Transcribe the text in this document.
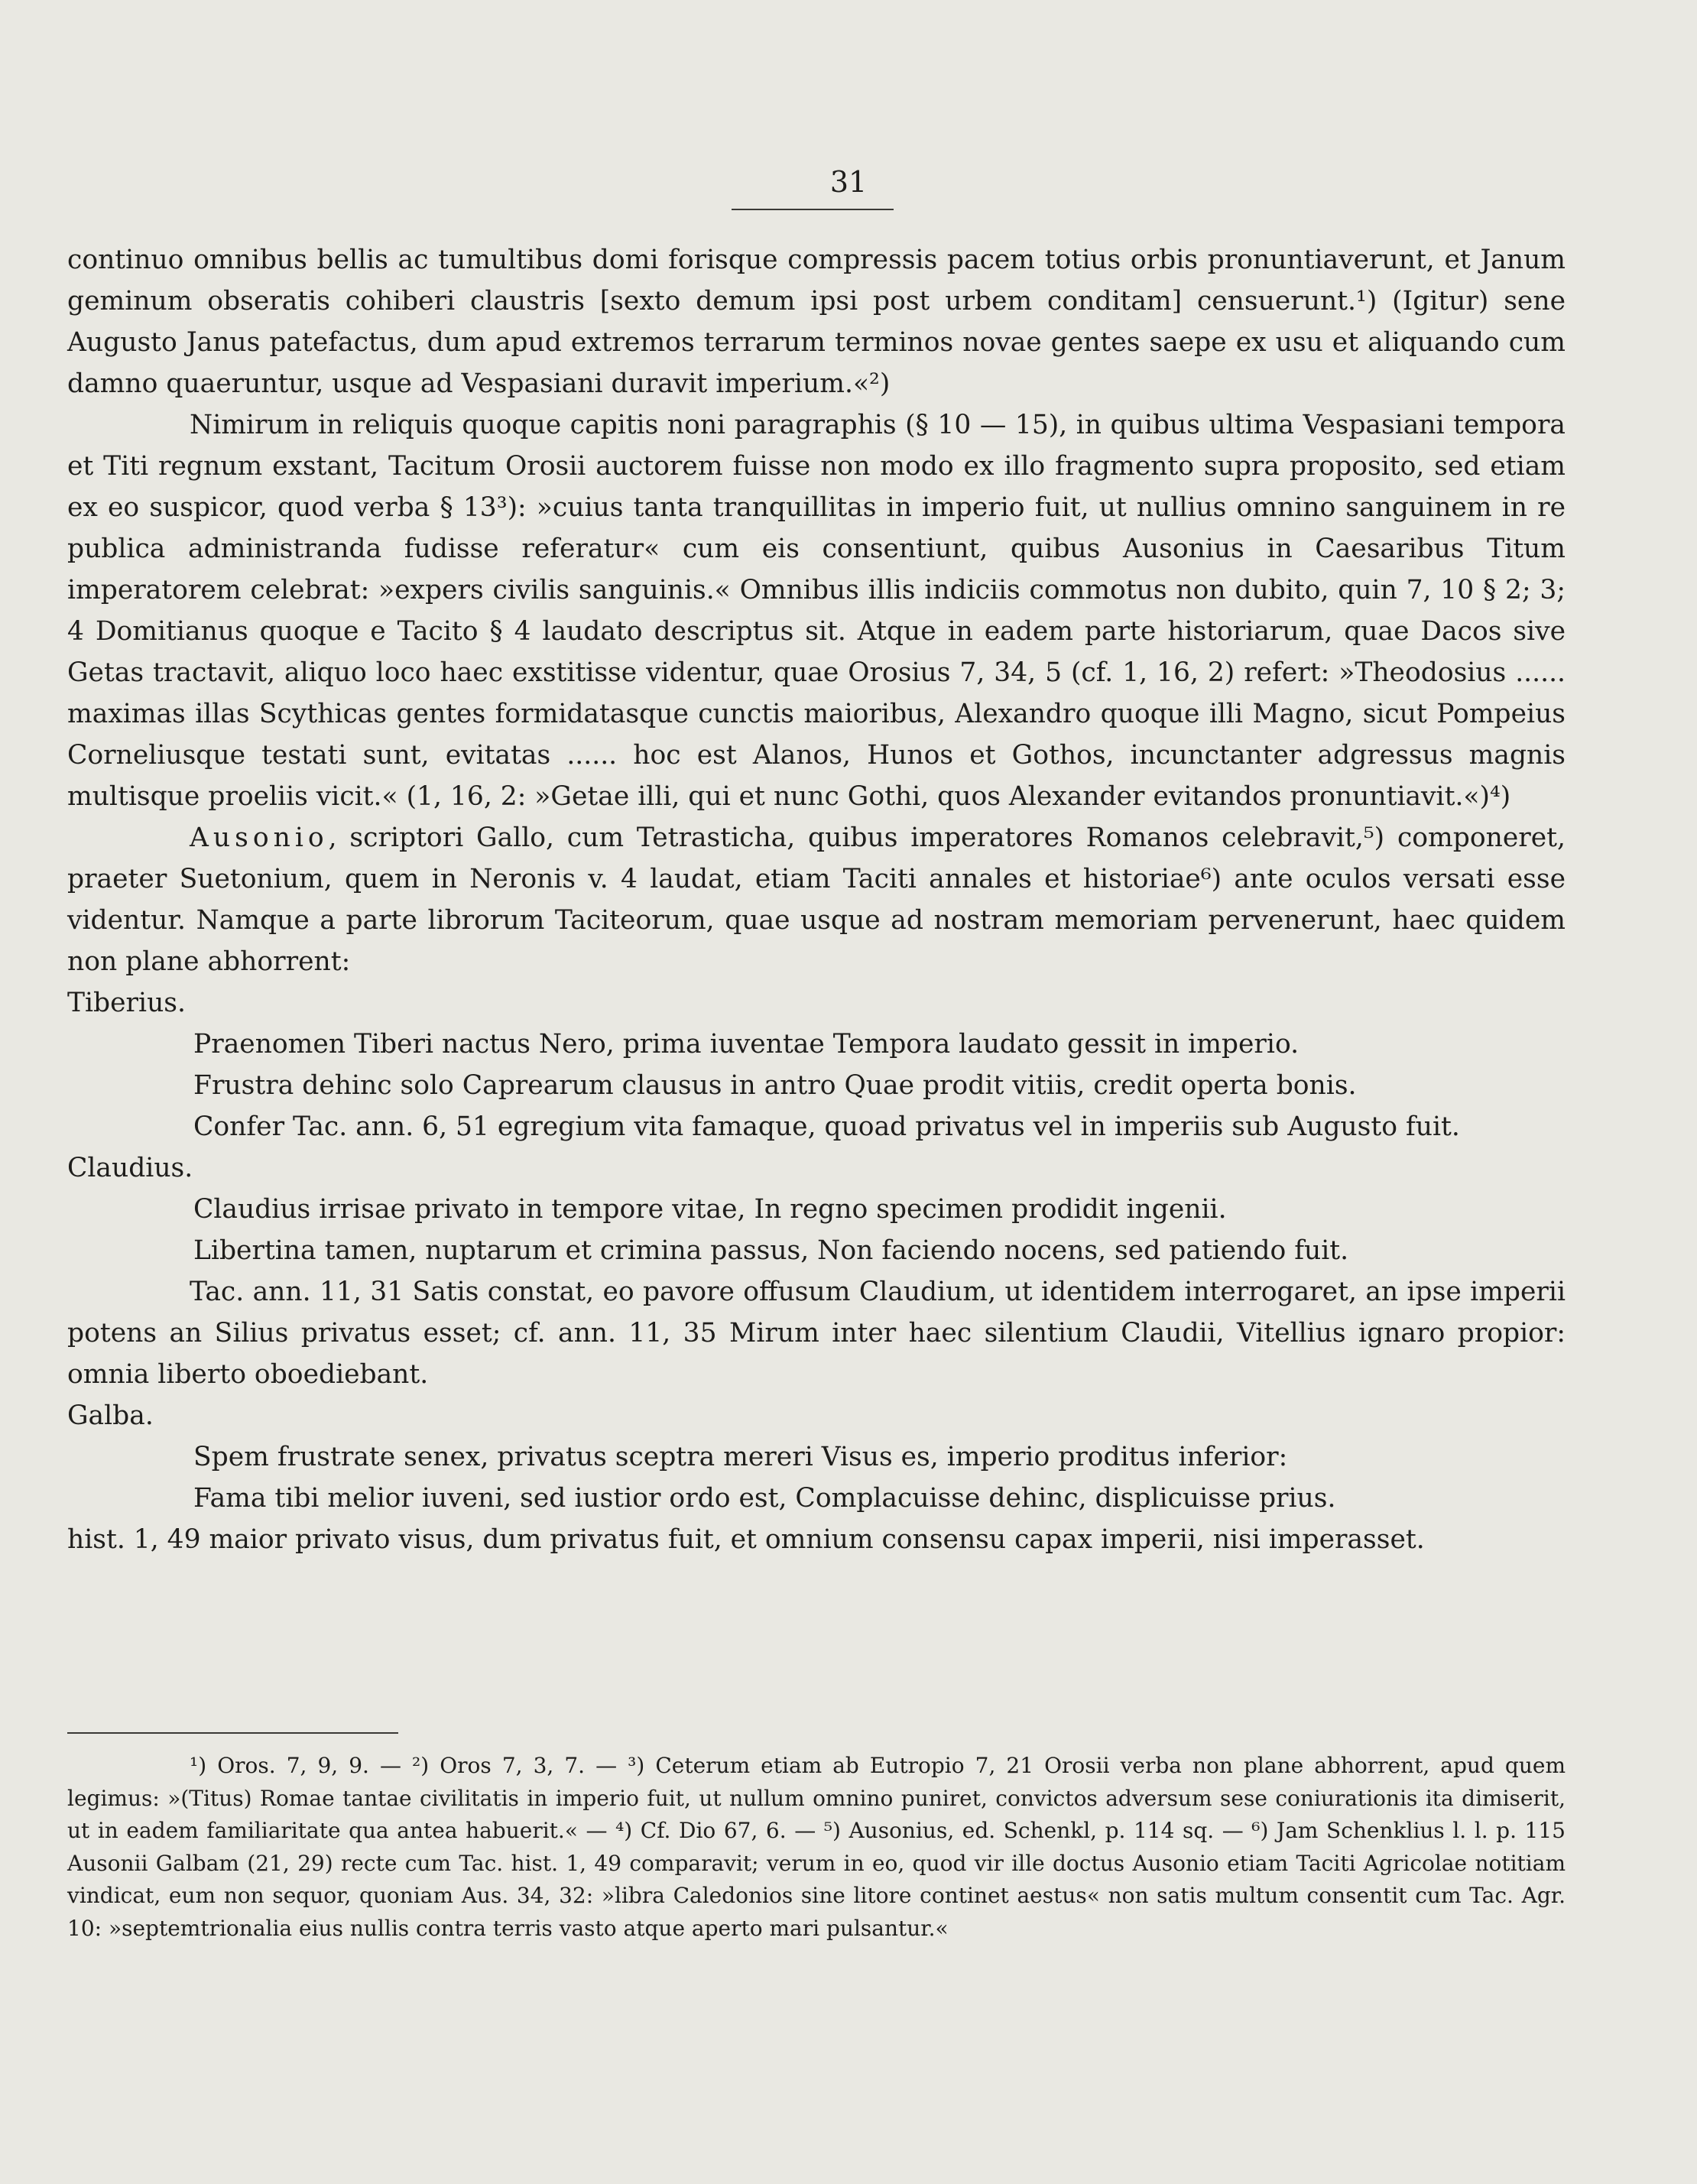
31

continuo omnibus bellis ac tumultibus domi forisque compressis pacem totius orbis pronuntiaverunt, et Janum geminum obseratis cohiberi claustris [sexto demum ipsi post urbem conditam] censuerunt.¹) (Igitur) sene Augusto Janus patefactus, dum apud extremos terrarum terminos novae gentes saepe ex usu et aliquando cum damno quaeruntur, usque ad Vespasiani duravit imperium.«²)

Nimirum in reliquis quoque capitis noni paragraphis (§ 10 — 15), in quibus ultima Vespasiani tempora et Titi regnum exstant, Tacitum Orosii auctorem fuisse non modo ex illo fragmento supra proposito, sed etiam ex eo suspicor, quod verba § 13³): »cuius tanta tranquillitas in imperio fuit, ut nullius omnino sanguinem in re publica administranda fudisse referatur« cum eis consentiunt, quibus Ausonius in Caesaribus Titum imperatorem celebrat: »expers civilis sanguinis.« Omnibus illis indiciis commotus non dubito, quin 7, 10 § 2; 3; 4 Domitianus quoque e Tacito § 4 laudato descriptus sit. Atque in eadem parte historiarum, quae Dacos sive Getas tractavit, aliquo loco haec exstitisse videntur, quae Orosius 7, 34, 5 (cf. 1, 16, 2) refert: »Theodosius ...... maximas illas Scythicas gentes formidatasque cunctis maioribus, Alexandro quoque illi Magno, sicut Pompeius Corneliusque testati sunt, evitatas ...... hoc est Alanos, Hunos et Gothos, incunctanter adgressus magnis multisque proeliis vicit.« (1, 16, 2: »Getae illi, qui et nunc Gothi, quos Alexander evitandos pronuntiavit.«)⁴)

Ausonio, scriptori Gallo, cum Tetrasticha, quibus imperatores Romanos celebravit,⁵) componeret, praeter Suetonium, quem in Neronis v. 4 laudat, etiam Taciti annales et historiae⁶) ante oculos versati esse videntur. Namque a parte librorum Taciteorum, quae usque ad nostram memoriam pervenerunt, haec quidem non plane abhorrent:

Tiberius.

Praenomen Tiberi nactus Nero, prima iuventae Tempora laudato gessit in imperio.

Frustra dehinc solo Caprearum clausus in antro Quae prodit vitiis, credit operta bonis.

Confer Tac. ann. 6, 51 egregium vita famaque, quoad privatus vel in imperiis sub Augusto fuit.

Claudius.

Claudius irrisae privato in tempore vitae, In regno specimen prodidit ingenii.

Libertina tamen, nuptarum et crimina passus, Non faciendo nocens, sed patiendo fuit.

Tac. ann. 11, 31 Satis constat, eo pavore offusum Claudium, ut identidem interrogaret, an ipse imperii potens an Silius privatus esset; cf. ann. 11, 35 Mirum inter haec silentium Claudii, Vitellius ignaro propior: omnia liberto oboediebant.

Galba.

Spem frustrate senex, privatus sceptra mereri Visus es, imperio proditus inferior:

Fama tibi melior iuveni, sed iustior ordo est, Complacuisse dehinc, displicuisse prius.

hist. 1, 49 maior privato visus, dum privatus fuit, et omnium consensu capax imperii, nisi imperasset.

¹) Oros. 7, 9, 9. — ²) Oros 7, 3, 7. — ³) Ceterum etiam ab Eutropio 7, 21 Orosii verba non plane abhorrent, apud quem legimus: »(Titus) Romae tantae civilitatis in imperio fuit, ut nullum omnino puniret, convictos adversum sese coniurationis ita dimiserit, ut in eadem familiaritate qua antea habuerit.« — ⁴) Cf. Dio 67, 6. — ⁵) Ausonius, ed. Schenkl, p. 114 sq. — ⁶) Jam Schenklius l. l. p. 115 Ausonii Galbam (21, 29) recte cum Tac. hist. 1, 49 comparavit; verum in eo, quod vir ille doctus Ausonio etiam Taciti Agricolae notitiam vindicat, eum non sequor, quoniam Aus. 34, 32: »libra Caledonios sine litore continet aestus« non satis multum consentit cum Tac. Agr. 10: »septemtrionalia eius nullis contra terris vasto atque aperto mari pulsantur.«
